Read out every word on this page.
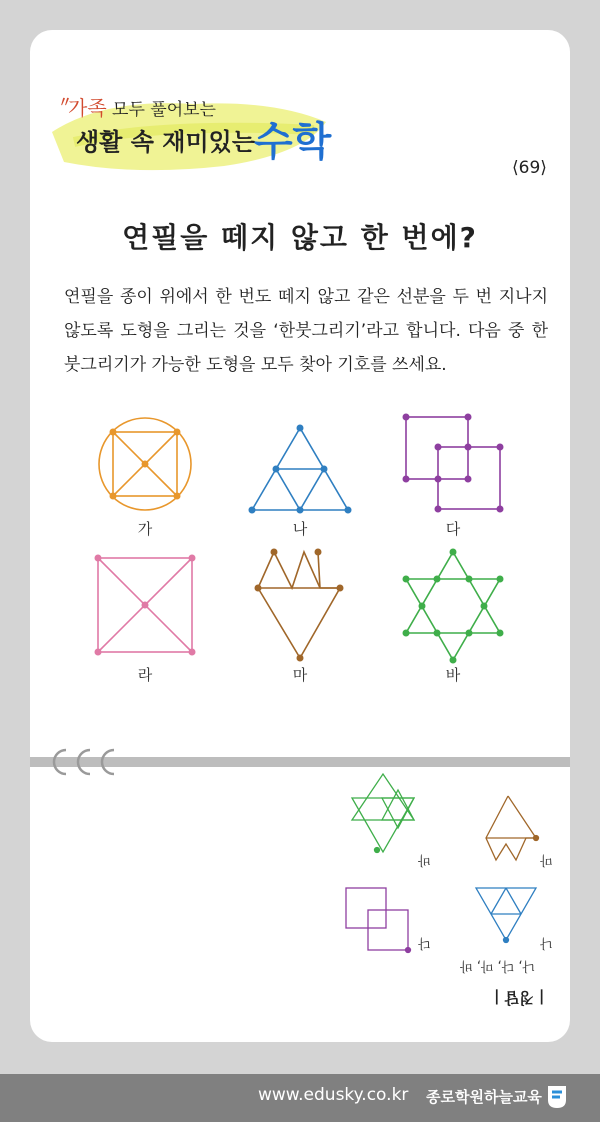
〃
가족 모두 풀어보는
생활 속 재미있는 수학
⟨69⟩
연필을 떼지 않고 한 번에?
연필을 종이 위에서 한 번도 떼지 않고 같은 선분을 두 번 지나지 않도록 도형을 그리는 것을 ‘한붓그리기’라고 합니다. 다음 중 한붓그리기가 가능한 도형을 모두 찾아 기호를 쓰세요.
가	나	다
라	마	바
바	마
다	나
나, 다, 마, 바
| 정답 |
www.edusky.co.kr 종로학원하늘교육
